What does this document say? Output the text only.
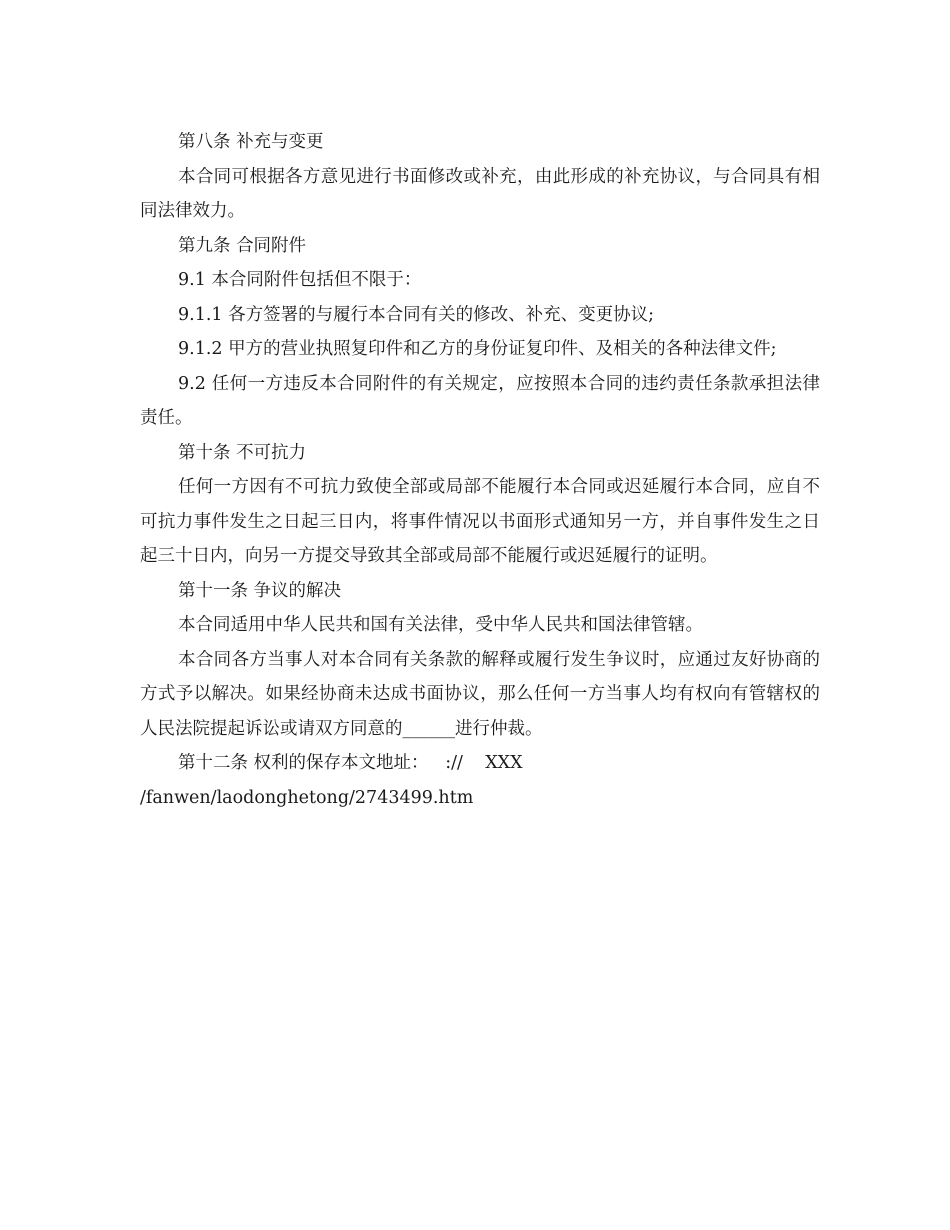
第八条 补充与变更

本合同可根据各方意见进行书面修改或补充，由此形成的补充协议，与合同具有相同法律效力。

第九条 合同附件

9.1 本合同附件包括但不限于：

9.1.1 各方签署的与履行本合同有关的修改、补充、变更协议;

9.1.2 甲方的营业执照复印件和乙方的身份证复印件、及相关的各种法律文件;

9.2 任何一方违反本合同附件的有关规定，应按照本合同的违约责任条款承担法律责任。

第十条 不可抗力

任何一方因有不可抗力致使全部或局部不能履行本合同或迟延履行本合同，应自不可抗力事件发生之日起三日内，将事件情况以书面形式通知另一方，并自事件发生之日起三十日内，向另一方提交导致其全部或局部不能履行或迟延履行的证明。

第十一条 争议的解决

本合同适用中华人民共和国有关法律，受中华人民共和国法律管辖。

本合同各方当事人对本合同有关条款的解释或履行发生争议时，应通过友好协商的方式予以解决。如果经协商未达成书面协议，那么任何一方当事人均有权向有管辖权的人民法院提起诉讼或请双方同意的______进行仲裁。

第十二条 权利的保存本文地址：   ://    XXX

/fanwen/laodonghetong/2743499.htm
